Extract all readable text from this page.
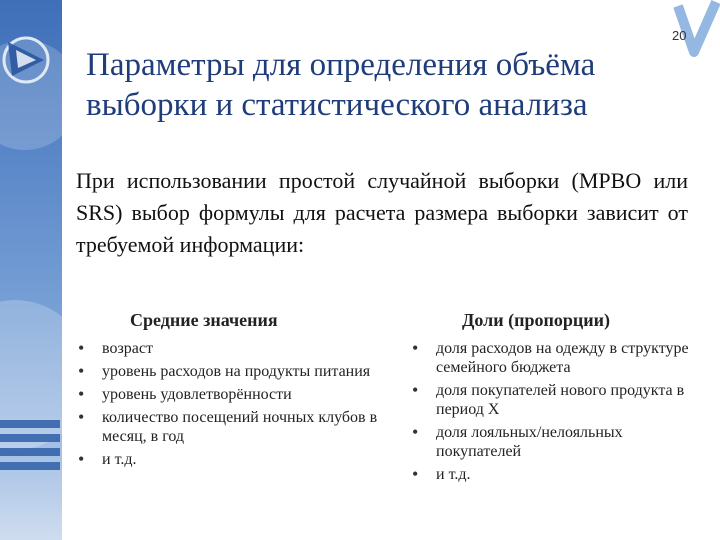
20
Параметры для определения объёма выборки и статистического анализа
При использовании простой случайной выборки (MPBO или SRS) выбор формулы для расчета размера выборки зависит от требуемой информации:
Средние значения
• возраст
• уровень расходов на продукты питания
• уровень удовлетворённости
• количество посещений ночных клубов в месяц, в год
• и т.д.
Доли (пропорции)
• доля расходов на одежду в структуре семейного бюджета
• доля покупателей нового продукта в период X
• доля лояльных/нелояльных покупателей
• и т.д.
